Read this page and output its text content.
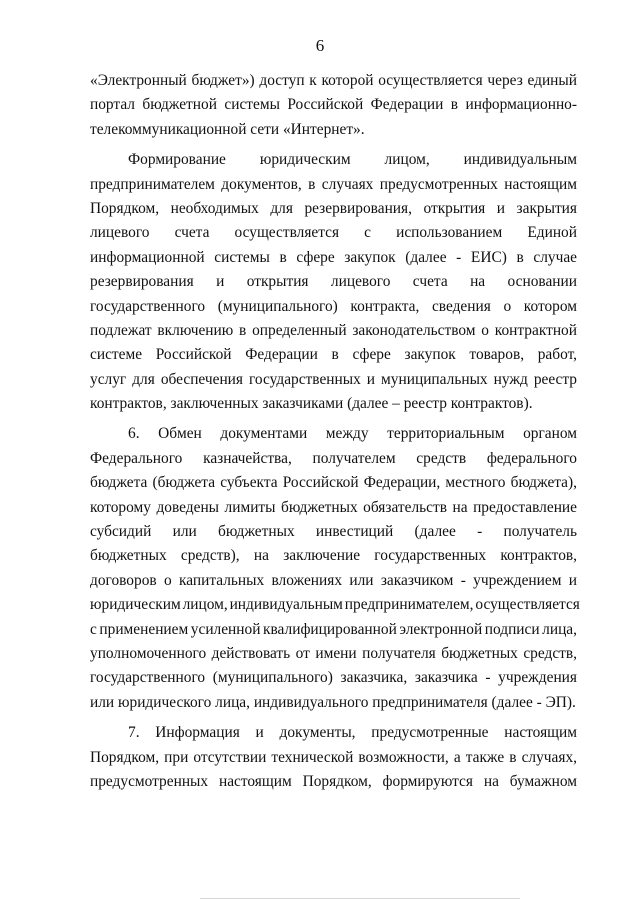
6
«Электронный бюджет») доступ к которой осуществляется через единый
портал бюджетной системы Российской Федерации в информационно-
телекоммуникационной сети «Интернет».
Формирование юридическим лицом, индивидуальным
предпринимателем документов, в случаях предусмотренных настоящим
Порядком, необходимых для резервирования, открытия и закрытия
лицевого счета осуществляется с использованием Единой
информационной системы в сфере закупок (далее - ЕИС) в случае
резервирования и открытия лицевого счета на основании
государственного (муниципального) контракта, сведения о котором
подлежат включению в определенный законодательством о контрактной
системе Российской Федерации в сфере закупок товаров, работ,
услуг для обеспечения государственных и муниципальных нужд реестр
контрактов, заключенных заказчиками (далее – реестр контрактов).
6. Обмен документами между территориальным органом
Федерального казначейства, получателем средств федерального
бюджета (бюджета субъекта Российской Федерации, местного бюджета),
которому доведены лимиты бюджетных обязательств на предоставление
субсидий или бюджетных инвестиций (далее - получатель
бюджетных средств), на заключение государственных контрактов,
договоров о капитальных вложениях или заказчиком - учреждением и
юридическим лицом, индивидуальным предпринимателем, осуществляется
с применением усиленной квалифицированной электронной подписи лица,
уполномоченного действовать от имени получателя бюджетных средств,
государственного (муниципального) заказчика, заказчика - учреждения
или юридического лица, индивидуального предпринимателя (далее - ЭП).
7. Информация и документы, предусмотренные настоящим
Порядком, при отсутствии технической возможности, а также в случаях,
предусмотренных настоящим Порядком, формируются на бумажном
